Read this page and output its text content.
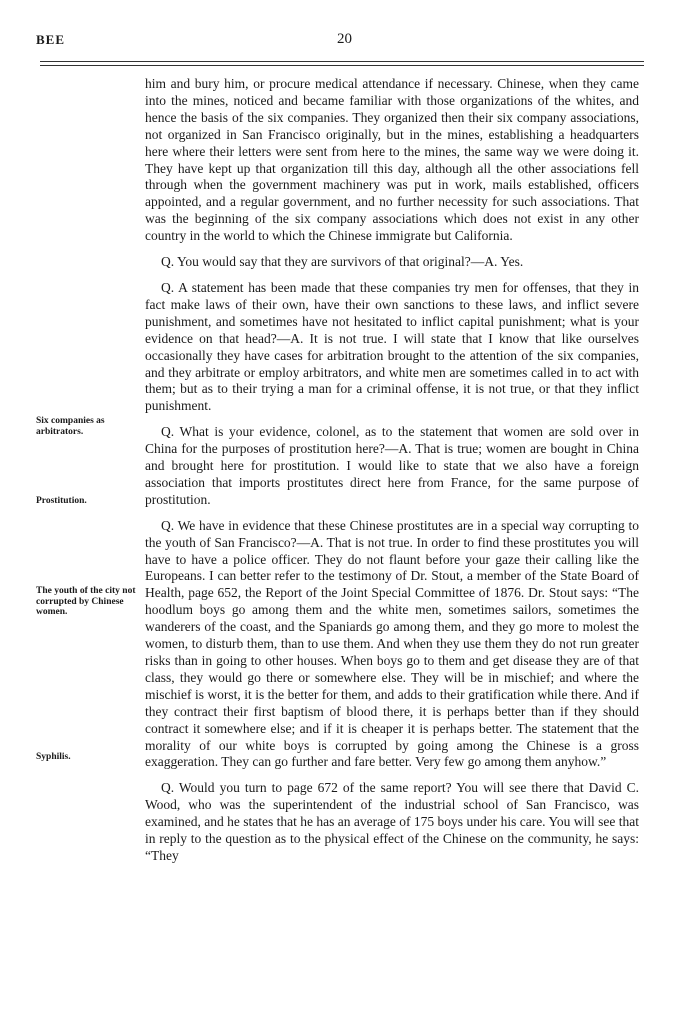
BEE	20
Six companies as arbitrators.
Prostitution.
The youth of the city not corrupted by Chinese women.
Syphilis.

him and bury him, or procure medical attendance if necessary. Chinese, when they came into the mines, noticed and became familiar with those organizations of the whites, and hence the basis of the six companies. They organized then their six company associations, not organized in San Francisco originally, but in the mines, establishing a headquarters here where their letters were sent from here to the mines, the same way we were doing it. They have kept up that organization till this day, although all the other associations fell through when the government machinery was put in work, mails established, officers appointed, and a regular government, and no further necessity for such associations. That was the beginning of the six company associations which does not exist in any other country in the world to which the Chinese immigrate but California.

Q. You would say that they are survivors of that original?—A. Yes.

Q. A statement has been made that these companies try men for offenses, that they in fact make laws of their own, have their own sanctions to these laws, and inflict severe punishment, and sometimes have not hesitated to inflict capital punishment; what is your evidence on that head?—A. It is not true. I will state that I know that like ourselves occasionally they have cases for arbitration brought to the attention of the six companies, and they arbitrate or employ arbitrators, and white men are sometimes called in to act with them; but as to their trying a man for a criminal offense, it is not true, or that they inflict punishment.

Q. What is your evidence, colonel, as to the statement that women are sold over in China for the purposes of prostitution here?—A. That is true; women are bought in China and brought here for prostitution. I would like to state that we also have a foreign association that imports prostitutes direct here from France, for the same purpose of prostitution.

Q. We have in evidence that these Chinese prostitutes are in a special way corrupting to the youth of San Francisco?—A. That is not true. In order to find these prostitutes you will have to have a police officer. They do not flaunt before your gaze their calling like the Europeans. I can better refer to the testimony of Dr. Stout, a member of the State Board of Health, page 652, the Report of the Joint Special Committee of 1876. Dr. Stout says: “The hoodlum boys go among them and the white men, sometimes sailors, sometimes the wanderers of the coast, and the Spaniards go among them, and they go more to molest the women, to disturb them, than to use them. And when they use them they do not run greater risks than in going to other houses. When boys go to them and get disease they are of that class, they would go there or somewhere else. They will be in mischief; and where the mischief is worst, it is the better for them, and adds to their gratification while there. And if they contract their first baptism of blood there, it is perhaps better than if they should contract it somewhere else; and if it is cheaper it is perhaps better. The statement that the morality of our white boys is corrupted by going among the Chinese is a gross exaggeration. They can go further and fare better. Very few go among them anyhow.”

Q. Would you turn to page 672 of the same report? You will see there that David C. Wood, who was the superintendent of the industrial school of San Francisco, was examined, and he states that he has an average of 175 boys under his care. You will see that in reply to the question as to the physical effect of the Chinese on the community, he says: “They
